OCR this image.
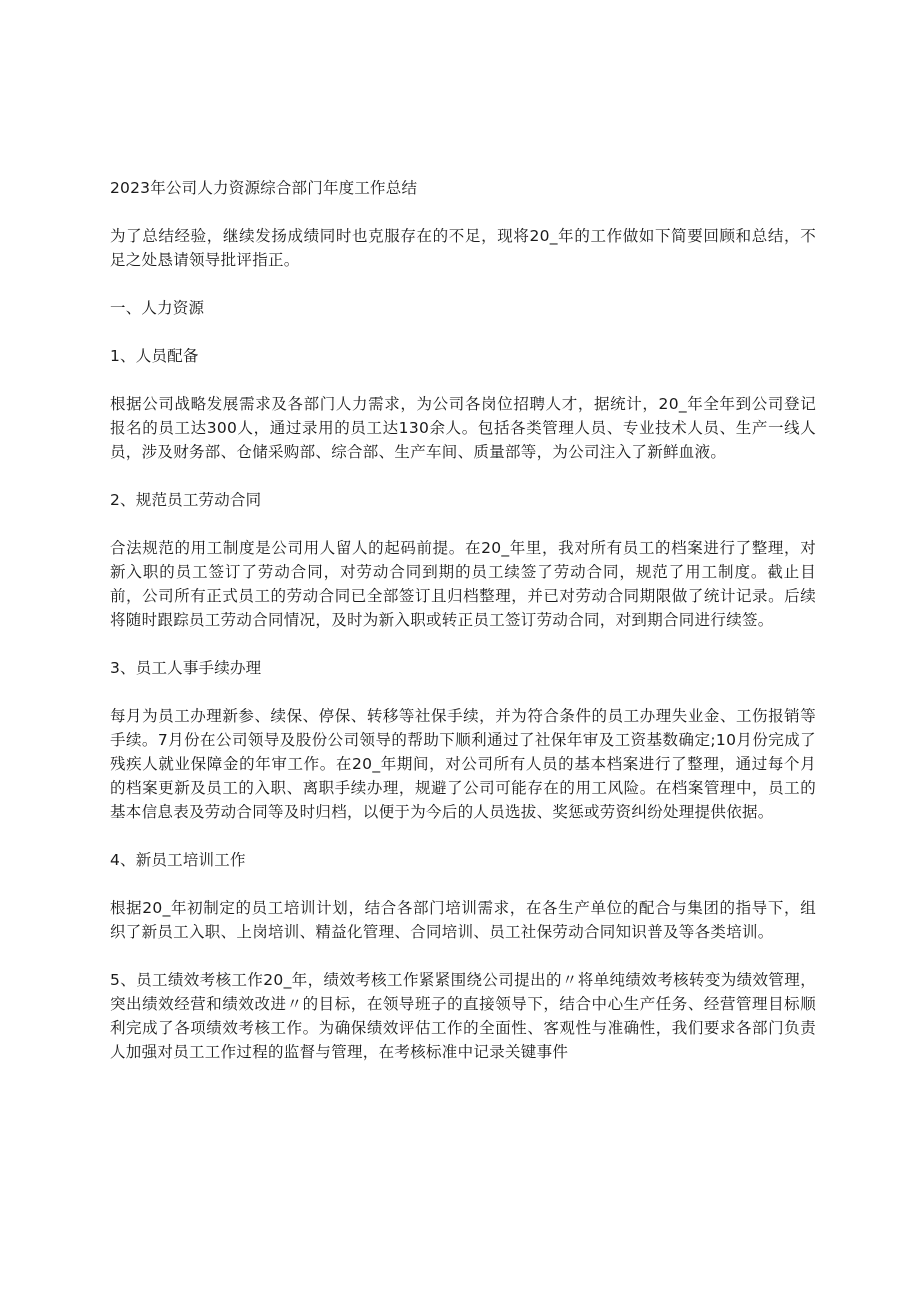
2023年公司人力资源综合部门年度工作总结

为了总结经验，继续发扬成绩同时也克服存在的不足，现将20_年的工作做如下简要回顾和总结，不足之处恳请领导批评指正。

一、人力资源

1、人员配备

根据公司战略发展需求及各部门人力需求，为公司各岗位招聘人才，据统计，20_年全年到公司登记报名的员工达300人，通过录用的员工达130余人。包括各类管理人员、专业技术人员、生产一线人员，涉及财务部、仓储采购部、综合部、生产车间、质量部等，为公司注入了新鲜血液。

2、规范员工劳动合同

合法规范的用工制度是公司用人留人的起码前提。在20_年里，我对所有员工的档案进行了整理，对新入职的员工签订了劳动合同，对劳动合同到期的员工续签了劳动合同，规范了用工制度。截止目前，公司所有正式员工的劳动合同已全部签订且归档整理，并已对劳动合同期限做了统计记录。后续将随时跟踪员工劳动合同情况，及时为新入职或转正员工签订劳动合同，对到期合同进行续签。

3、员工人事手续办理

每月为员工办理新参、续保、停保、转移等社保手续，并为符合条件的员工办理失业金、工伤报销等手续。7月份在公司领导及股份公司领导的帮助下顺利通过了社保年审及工资基数确定;10月份完成了残疾人就业保障金的年审工作。在20_年期间，对公司所有人员的基本档案进行了整理，通过每个月的档案更新及员工的入职、离职手续办理，规避了公司可能存在的用工风险。在档案管理中，员工的基本信息表及劳动合同等及时归档，以便于为今后的人员选拔、奖惩或劳资纠纷处理提供依据。

4、新员工培训工作

根据20_年初制定的员工培训计划，结合各部门培训需求，在各生产单位的配合与集团的指导下，组织了新员工入职、上岗培训、精益化管理、合同培训、员工社保劳动合同知识普及等各类培训。

5、员工绩效考核工作20_年，绩效考核工作紧紧围绕公司提出的〃将单纯绩效考核转变为绩效管理，突出绩效经营和绩效改进〃的目标，在领导班子的直接领导下，结合中心生产任务、经营管理目标顺利完成了各项绩效考核工作。为确保绩效评估工作的全面性、客观性与准确性，我们要求各部门负责人加强对员工工作过程的监督与管理，在考核标准中记录关键事件
